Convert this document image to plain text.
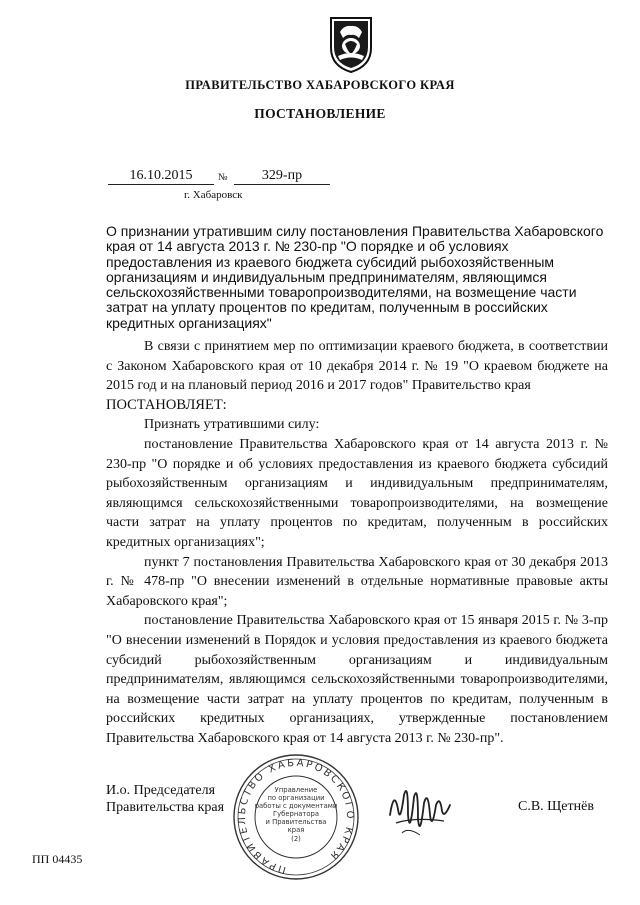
ПРАВИТЕЛЬСТВО ХАБАРОВСКОГО КРАЯ
ПОСТАНОВЛЕНИЕ
16.10.2015	№	329-пр
г. Хабаровск
О признании утратившим силу постановления Правительства Хабаровского края от 14 августа 2013 г. № 230-пр "О порядке и об условиях предоставления из краевого бюджета субсидий рыбохозяйственным организациям и индивидуальным предпринимателям, являющимся сельскохозяйственными товаропроизводителями, на возмещение части затрат на уплату процентов по кредитам, полученным в российских кредитных организациях"

В связи с принятием мер по оптимизации краевого бюджета, в соответствии с Законом Хабаровского края от 10 декабря 2014 г. № 19 "О краевом бюджете на 2015 год и на плановый период 2016 и 2017 годов" Правительство края

ПОСТАНОВЛЯЕТ:

Признать утратившими силу:

постановление Правительства Хабаровского края от 14 августа 2013 г. № 230-пр "О порядке и об условиях предоставления из краевого бюджета субсидий рыбохозяйственным организациям и индивидуальным предпринимателям, являющимся сельскохозяйственными товаропроизводителями, на возмещение части затрат на уплату процентов по кредитам, полученным в российских кредитных организациях";

пункт 7 постановления Правительства Хабаровского края от 30 декабря 2013 г. № 478-пр "О внесении изменений в отдельные нормативные правовые акты Хабаровского края";

постановление Правительства Хабаровского края от 15 января 2015 г. № 3-пр "О внесении изменений в Порядок и условия предоставления из краевого бюджета субсидий рыбохозяйственным организациям и индивидуальным предпринимателям, являющимся сельскохозяйственными товаропроизводителями, на возмещение части затрат на уплату процентов по кредитам, полученным в российских кредитных организациях, утвержденные постановлением Правительства Хабаровского края от 14 августа 2013 г. № 230-пр".

И.о. Председателя
Правительства края
ПРАВИТЕЛЬСТВО ХАБАРОВСКОГО КРАЯ
Управление
по организации
работы с документами
Губернатора
и Правительства
края
(2)
С.В. Щетнёв
ПП 04435
